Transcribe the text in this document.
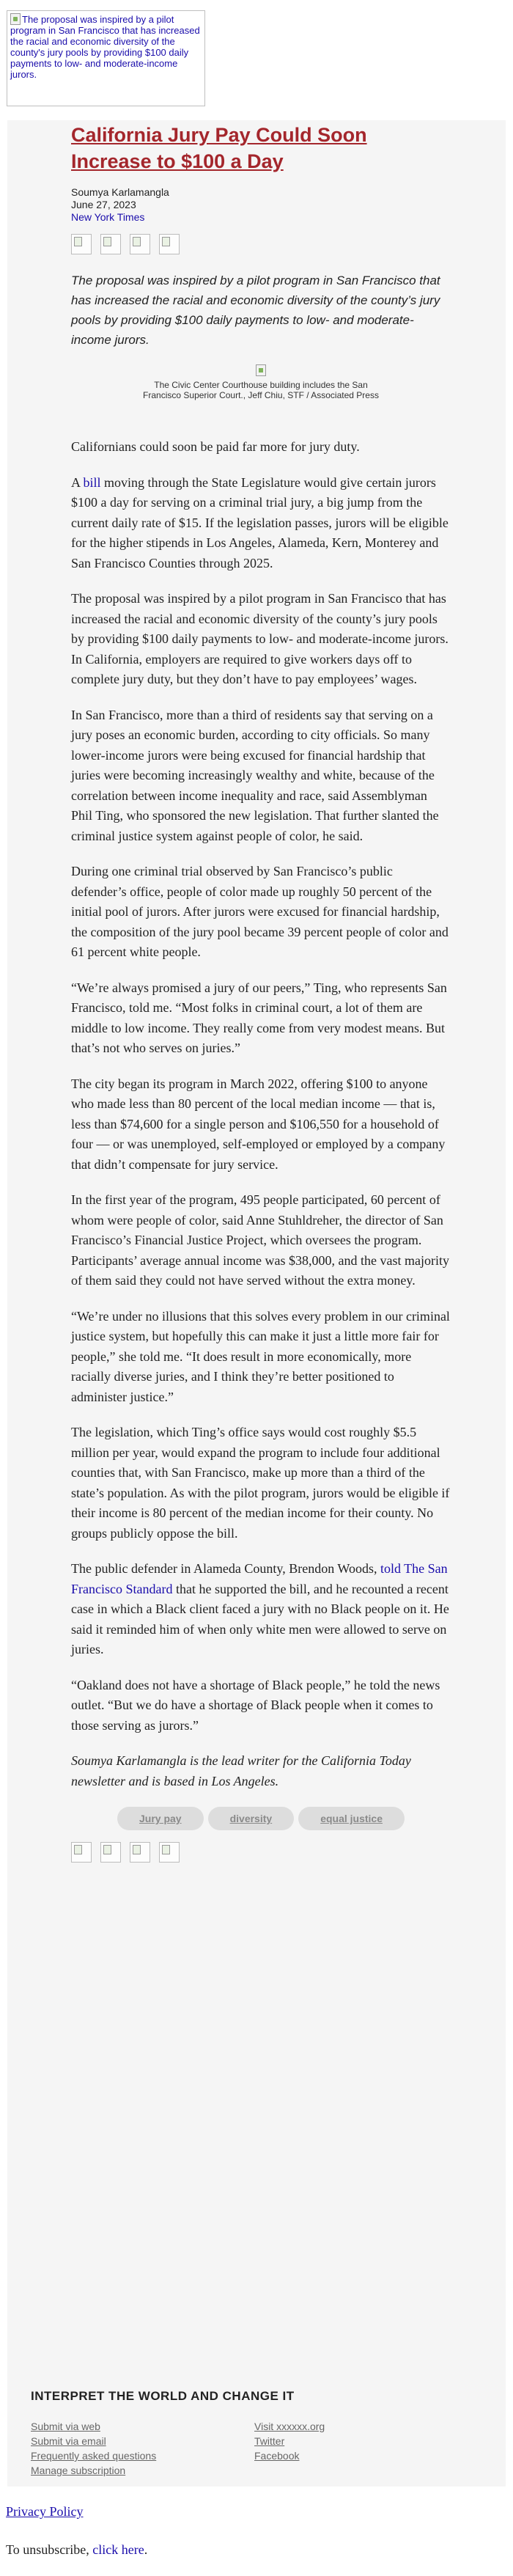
The proposal was inspired by a pilot program in San Francisco that has increased the racial and economic diversity of the county's jury pools by providing $100 daily payments to low- and moderate-income jurors.
California Jury Pay Could Soon Increase to $100 a Day
Soumya Karlamangla
June 27, 2023
New York Times
The proposal was inspired by a pilot program in San Francisco that has increased the racial and economic diversity of the county’s jury pools by providing $100 daily payments to low- and moderate-income jurors.
The Civic Center Courthouse building includes the San Francisco Superior Court., Jeff Chiu, STF / Associated Press

Californians could soon be paid far more for jury duty.

A bill moving through the State Legislature would give certain jurors $100 a day for serving on a criminal trial jury, a big jump from the current daily rate of $15. If the legislation passes, jurors will be eligible for the higher stipends in Los Angeles, Alameda, Kern, Monterey and San Francisco Counties through 2025.

The proposal was inspired by a pilot program in San Francisco that has increased the racial and economic diversity of the county’s jury pools by providing $100 daily payments to low- and moderate-income jurors. In California, employers are required to give workers days off to complete jury duty, but they don’t have to pay employees’ wages.

In San Francisco, more than a third of residents say that serving on a jury poses an economic burden, according to city officials. So many lower-income jurors were being excused for financial hardship that juries were becoming increasingly wealthy and white, because of the correlation between income inequality and race, said Assemblyman Phil Ting, who sponsored the new legislation. That further slanted the criminal justice system against people of color, he said.

During one criminal trial observed by San Francisco’s public defender’s office, people of color made up roughly 50 percent of the initial pool of jurors. After jurors were excused for financial hardship, the composition of the jury pool became 39 percent people of color and 61 percent white people.

“We’re always promised a jury of our peers,” Ting, who represents San Francisco, told me. “Most folks in criminal court, a lot of them are middle to low income. They really come from very modest means. But that’s not who serves on juries.”

The city began its program in March 2022, offering $100 to anyone who made less than 80 percent of the local median income — that is, less than $74,600 for a single person and $106,550 for a household of four — or was unemployed, self-employed or employed by a company that didn’t compensate for jury service.

In the first year of the program, 495 people participated, 60 percent of whom were people of color, said Anne Stuhldreher, the director of San Francisco’s Financial Justice Project, which oversees the program. Participants’ average annual income was $38,000, and the vast majority of them said they could not have served without the extra money.

“We’re under no illusions that this solves every problem in our criminal justice system, but hopefully this can make it just a little more fair for people,” she told me. “It does result in more economically, more racially diverse juries, and I think they’re better positioned to administer justice.”

The legislation, which Ting’s office says would cost roughly $5.5 million per year, would expand the program to include four additional counties that, with San Francisco, make up more than a third of the state’s population. As with the pilot program, jurors would be eligible if their income is 80 percent of the median income for their county. No groups publicly oppose the bill.

The public defender in Alameda County, Brendon Woods, told The San Francisco Standard that he supported the bill, and he recounted a recent case in which a Black client faced a jury with no Black people on it. He said it reminded him of when only white men were allowed to serve on juries.

“Oakland does not have a shortage of Black people,” he told the news outlet. “But we do have a shortage of Black people when it comes to those serving as jurors.”

Soumya Karlamangla is the lead writer for the California Today newsletter and is based in Los Angeles.

Jury pay	diversity	equal justice
INTERPRET THE WORLD AND CHANGE IT
Submit via web
Submit via email
Frequently asked questions
Manage subscription
Visit xxxxxx.org
Twitter
Facebook
Privacy Policy
To unsubscribe, click here.
